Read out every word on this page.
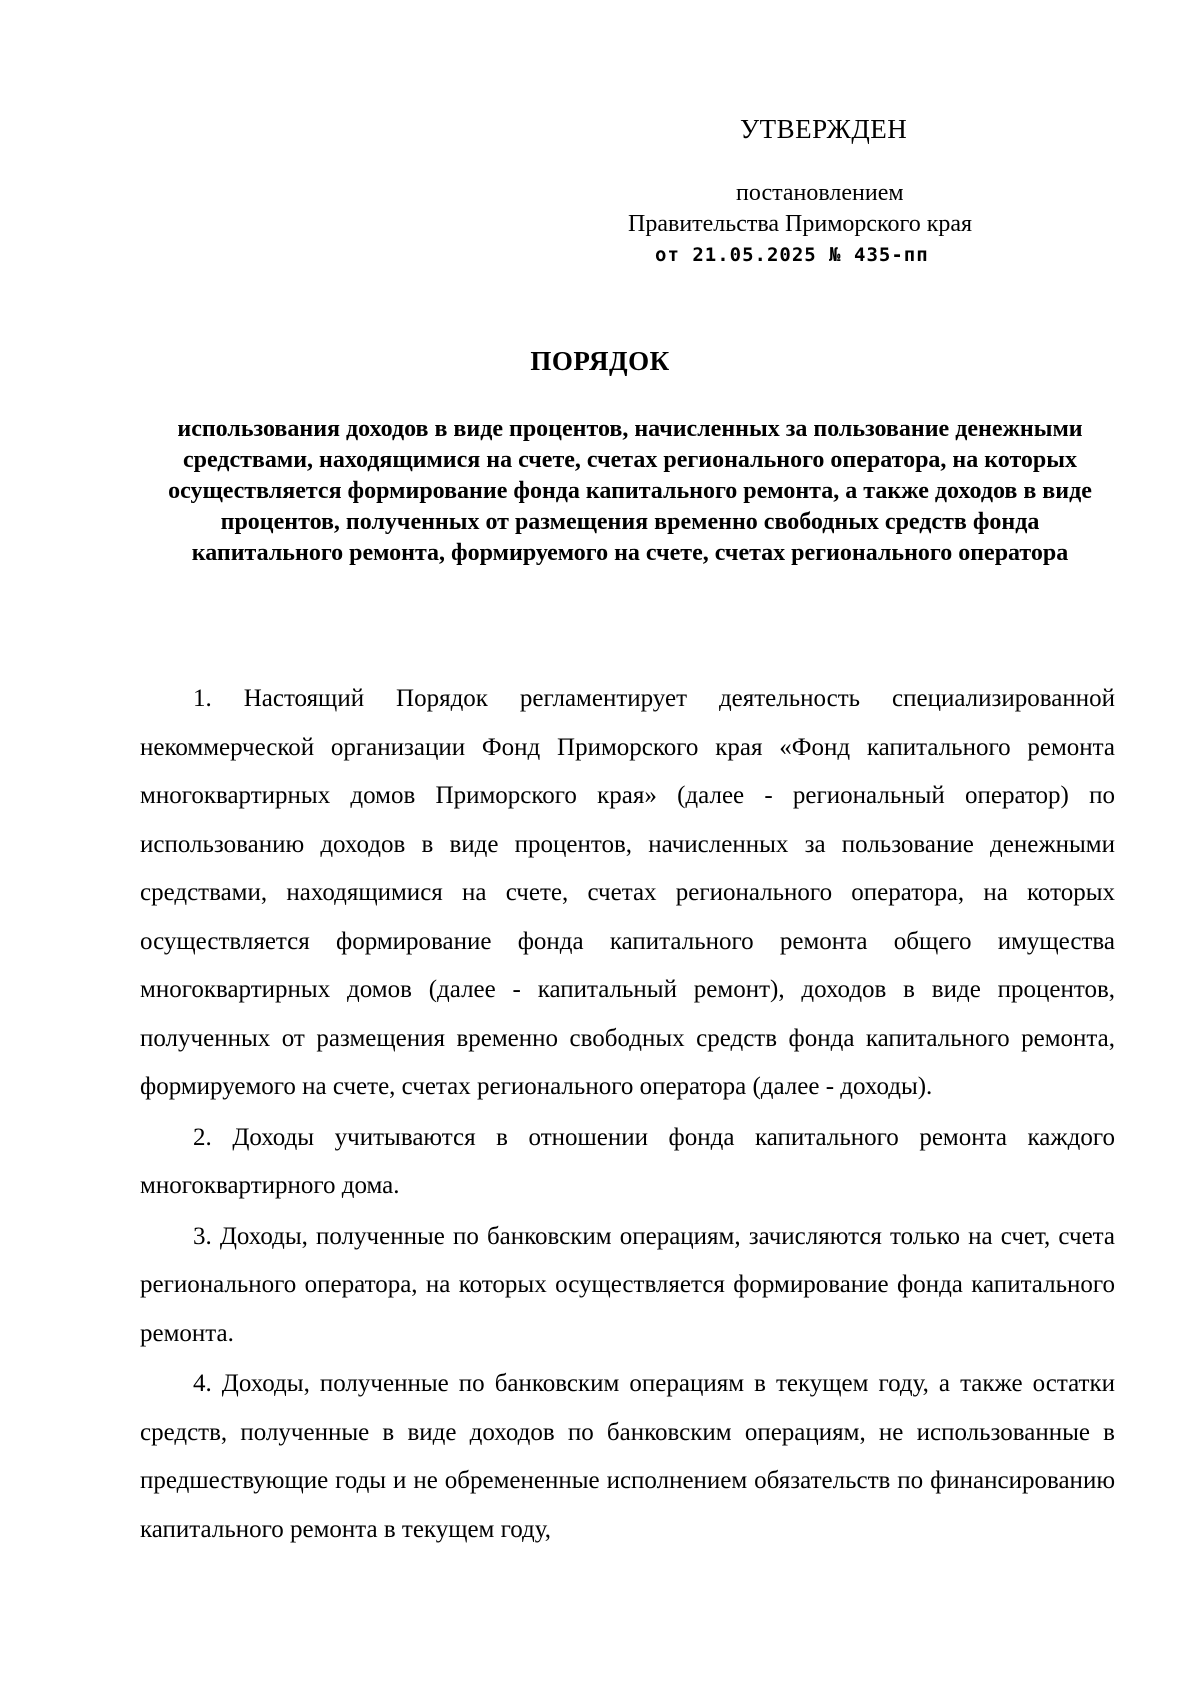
УТВЕРЖДЕН
постановлением
Правительства Приморского края
от 21.05.2025 № 435-пп
ПОРЯДОК

использования доходов в виде процентов, начисленных за пользование денежными средствами, находящимися на счете, счетах регионального оператора, на которых осуществляется формирование фонда капитального ремонта, а также доходов в виде процентов, полученных от размещения временно свободных средств фонда капитального ремонта, формируемого на счете, счетах регионального оператора

1. Настоящий Порядок регламентирует деятельность специализированной некоммерческой организации Фонд Приморского края «Фонд капитального ремонта многоквартирных домов Приморского края» (далее - региональный оператор) по использованию доходов в виде процентов, начисленных за пользование денежными средствами, находящимися на счете, счетах регионального оператора, на которых осуществляется формирование фонда капитального ремонта общего имущества многоквартирных домов (далее - капитальный ремонт), доходов в виде процентов, полученных от размещения временно свободных средств фонда капитального ремонта, формируемого на счете, счетах регионального оператора (далее - доходы).

2. Доходы учитываются в отношении фонда капитального ремонта каждого многоквартирного дома.

3. Доходы, полученные по банковским операциям, зачисляются только на счет, счета регионального оператора, на которых осуществляется формирование фонда капитального ремонта.

4. Доходы, полученные по банковским операциям в текущем году, а также остатки средств, полученные в виде доходов по банковским операциям, не использованные в предшествующие годы и не обремененные исполнением обязательств по финансированию капитального ремонта в текущем году,
